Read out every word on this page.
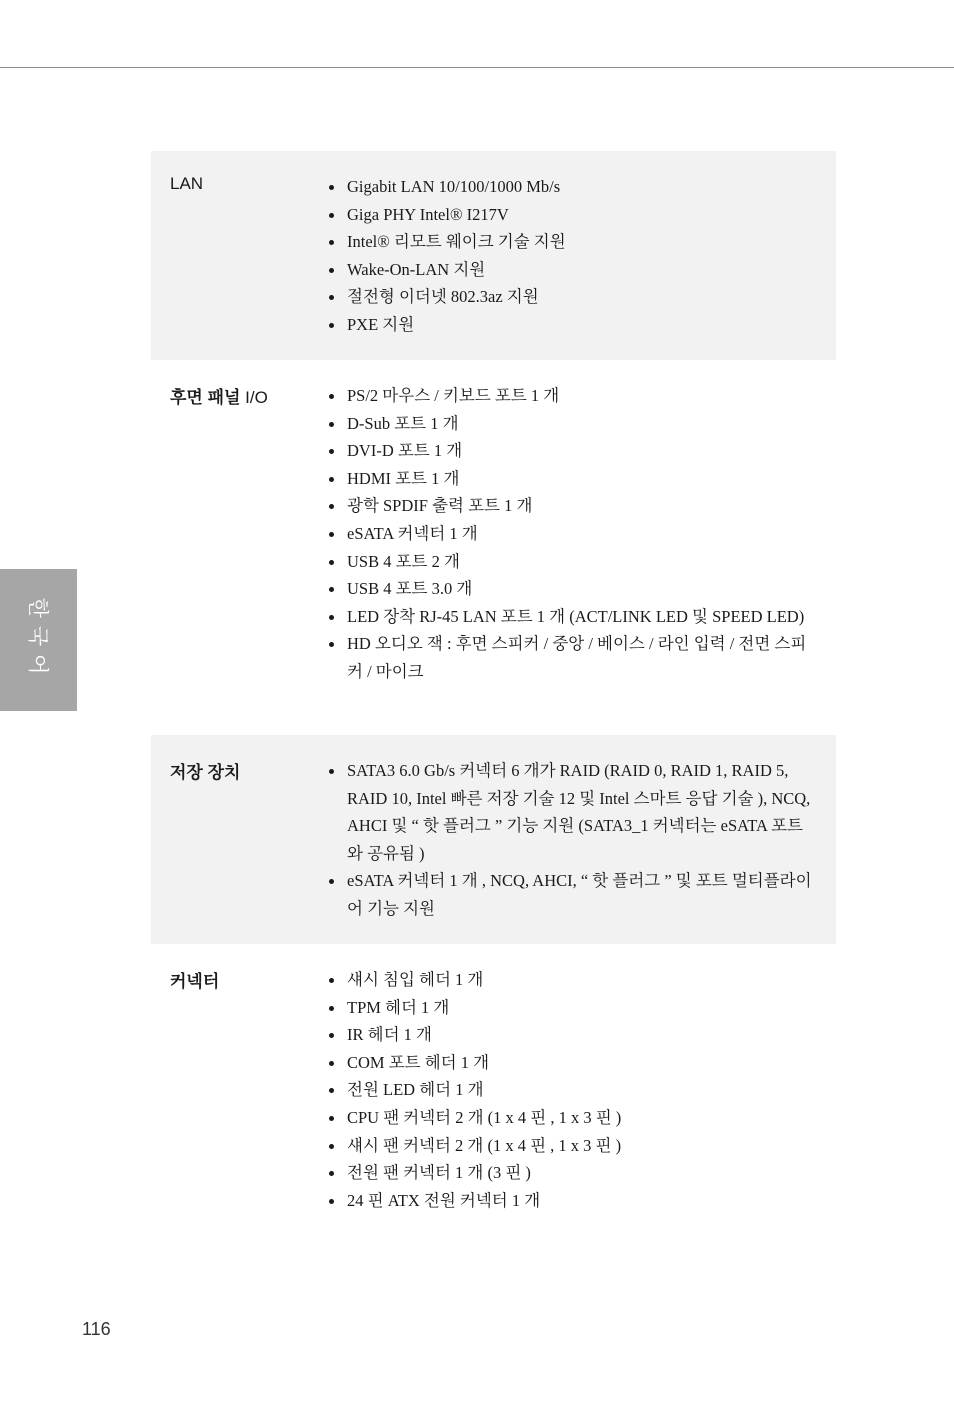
한국어
LAN	Gigabit LAN 10/100/1000 Mb/s
Giga PHY Intel® I217V
Intel® 리모트 웨이크 기술 지원
Wake-On-LAN 지원
절전형 이더넷 802.3az 지원
PXE 지원
후면 패널 I/O	PS/2 마우스 / 키보드 포트 1 개
D-Sub 포트 1 개
DVI-D 포트 1 개
HDMI 포트 1 개
광학 SPDIF 출력 포트 1 개
eSATA 커넥터 1 개
USB 4 포트 2 개
USB 4 포트 3.0 개
LED 장착 RJ-45 LAN 포트 1 개 (ACT/LINK LED 및 SPEED LED)
HD 오디오 잭 : 후면 스피커 / 중앙 / 베이스 / 라인 입력 / 전면 스피커 / 마이크
저장 장치	SATA3 6.0 Gb/s 커넥터 6 개가 RAID (RAID 0, RAID 1, RAID 5, RAID 10, Intel 빠른 저장 기술 12 및 Intel 스마트 응답 기술 ), NCQ, AHCI 및 “ 핫 플러그 ” 기능 지원 (SATA3_1 커넥터는 eSATA 포트와 공유됨 )
eSATA 커넥터 1 개 , NCQ, AHCI, “ 핫 플러그 ” 및 포트 멀티플라이어 기능 지원
커넥터	섀시 침입 헤더 1 개
TPM 헤더 1 개
IR 헤더 1 개
COM 포트 헤더 1 개
전원 LED 헤더 1 개
CPU 팬 커넥터 2 개 (1 x 4 핀 , 1 x 3 핀 )
섀시 팬 커넥터 2 개 (1 x 4 핀 , 1 x 3 핀 )
전원 팬 커넥터 1 개 (3 핀 )
24 핀 ATX 전원 커넥터 1 개
116
